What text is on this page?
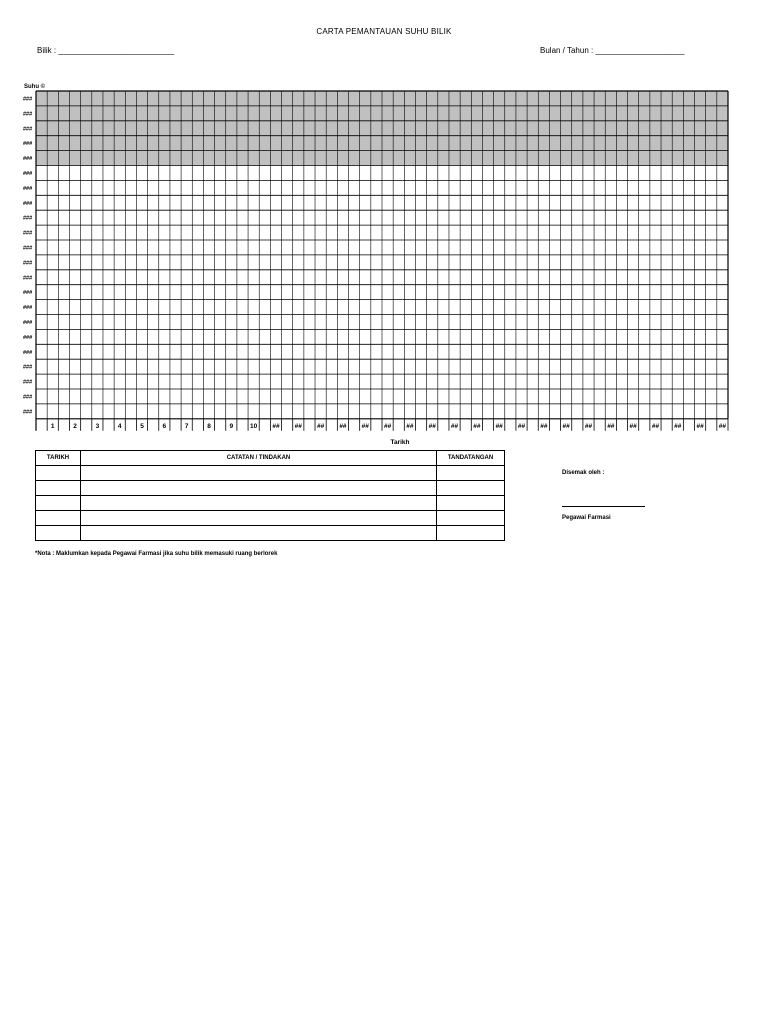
CARTA PEMANTAUAN SUHU BILIK
Bilik : __________________________	Bulan / Tahun : ____________________
Suhu ©
###
###
###
###
###
###
###
###
###
###
###
###
###
###
###
###
###
###
###
###
###
###
1	2	3	4	5	6	7	8	9	10 ## ## ## ## ## ## ## ## ## ## ## ## ## ## ## ## ## ## ## ## ##
Tarikh
TARIKH	CATATAN / TINDAKAN	TANDATANGAN

Disemak oleh :
Pegawai Farmasi
*Nota : Maklumkan kepada Pegawai Farmasi jika suhu bilik memasuki ruang berlorek
